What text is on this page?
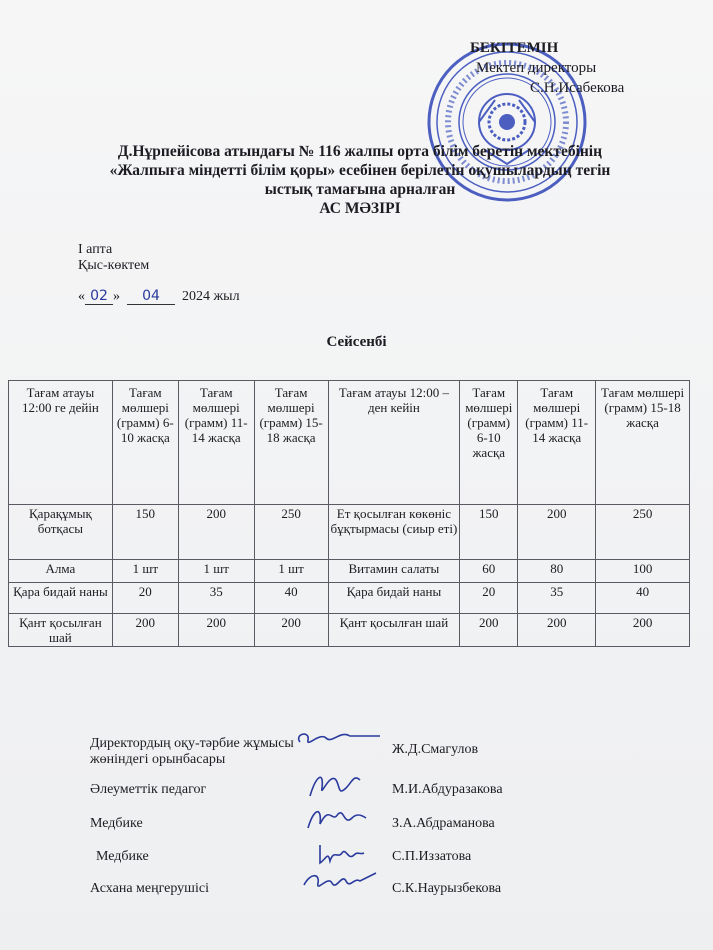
БЕКІТЕМІН
Мектеп директоры
С.Н.Исабекова
Д.Нұрпейісова атындағы № 116 жалпы орта білім беретін мектебінің
«Жалпыға міндетті білім қоры» есебінен берілетін оқушылардың тегін
ыстық тамағына арналған
АС МӘЗІРІ
I апта
Қыс-көктем
« 02 » 04 2024 жыл
Сейсенбі
Тағам атауы 12:00 ге дейін	Тағам мөлшері (грамм) 6-10 жасқа	Тағам мөлшері (грамм) 11-14 жасқа	Тағам мөлшері (грамм) 15-18 жасқа	Тағам атауы 12:00 – ден кейін	Тағам мөлшері (грамм) 6-10 жасқа	Тағам мөлшері (грамм) 11-14 жасқа	Тағам мөлшері (грамм) 15-18 жасқа
Қарақұмық ботқасы	150	200	250	Ет қосылған көкөніс бұқтырмасы (сиыр еті)	150	200	250
Алма	1 шт	1 шт	1 шт	Витамин салаты	60	80	100
Қара бидай наны	20	35	40	Қара бидай наны	20	35	40
Қант қосылған шай	200	200	200	Қант қосылған шай	200	200	200
Директордың оқу-тәрбие жұмысы жөніндегі орынбасары
Ж.Д.Смагулов
Әлеуметтік педагог	М.И.Абдуразакова
Медбике	З.А.Абдраманова
Медбике	С.П.Иззатова
Асхана меңгерушісі	С.К.Наурызбекова
